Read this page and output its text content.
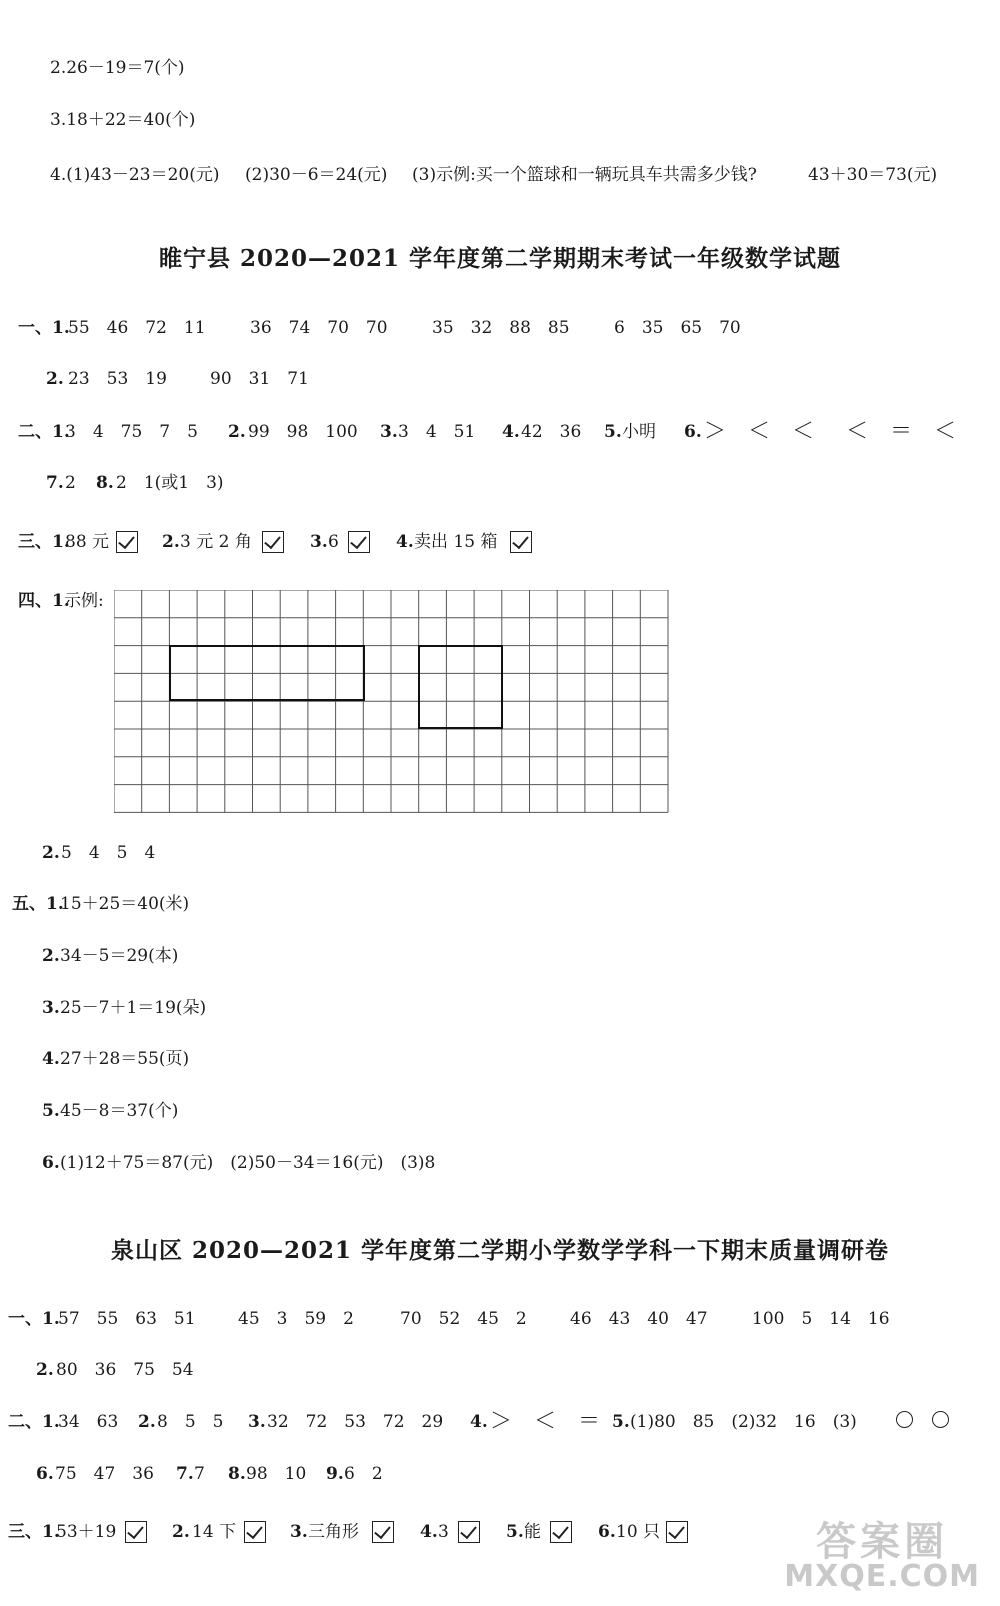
2.26－19＝7(个)
3.18＋22＝40(个)
4.(1)43－23＝20(元) (2)30－6＝24(元) (3)示例:买一个篮球和一辆玩具车共需多少钱?	43＋30＝73(元)
睢宁县 2020—2021 学年度第二学期期末考试一年级数学试题
一、1.
55　46　72　11	36　74　70　70	35　32　88　85	6　35　65　70
2. 23　53　19	90　31　71
二、1.
3　4　75　7　5 2. 99　98　100 3. 3　4　51 4. 42　36 5. 小明 6. ＞　＜　＜ ＜　＝　＜
7. 2 8. 2　1(或1　3)
三、1.
88 元	2. 3 元 2 角	3. 6	4. 卖出 15 箱
四、1.
示例:
2. 5　4　5　4
五、1.
15＋25＝40(米)
2. 34－5＝29(本)
3. 25－7＋1＝19(朵)
4. 27＋28＝55(页)
5. 45－8＝37(个)
6. (1)12＋75＝87(元)　(2)50－34＝16(元)　(3)8
泉山区 2020—2021 学年度第二学期小学数学学科一下期末质量调研卷
一、1.
57　55　63　51 45　3　59　2	70　52　45　2	46　43　40　47	100　5　14　16
2. 80　36　75　54
二、1.
34　63 2. 8　5　5 3. 32　72　53　72　29 4. ＞　＜　＝ 5. (1)80　85　(2)32　16　(3)
6. 75　47　36 7. 7 8. 98　10 9. 6　2
三、1.
53＋19	2. 14 下	3. 三角形	4. 3	5. 能	6. 10 只	答案圈
MXQE.COM
